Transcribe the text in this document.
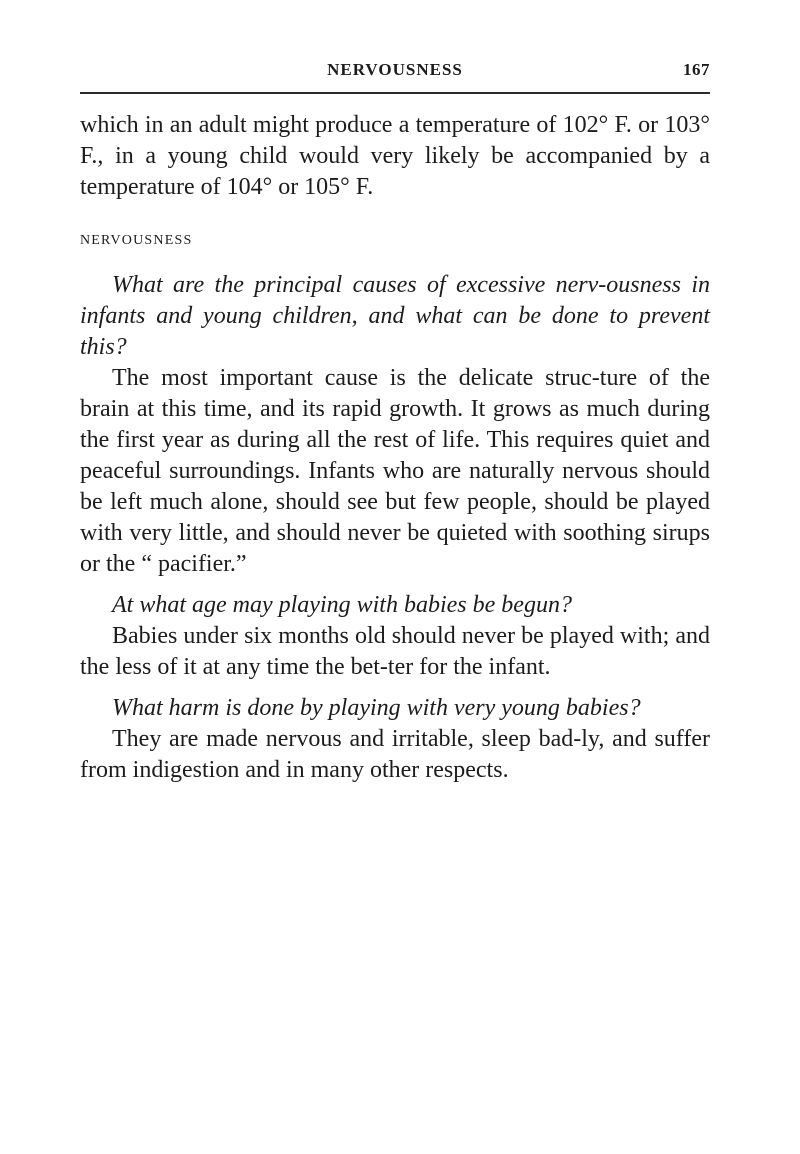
NERVOUSNESS	167

which in an adult might produce a temperature of 102° F. or 103° F., in a young child would very likely be accompanied by a temperature of 104° or 105° F.

NERVOUSNESS

What are the principal causes of excessive nerv-ousness in infants and young children, and what can be done to prevent this?

The most important cause is the delicate struc-ture of the brain at this time, and its rapid growth. It grows as much during the first year as during all the rest of life. This requires quiet and peaceful surroundings. Infants who are naturally nervous should be left much alone, should see but few people, should be played with very little, and should never be quieted with soothing sirups or the “ pacifier.”

At what age may playing with babies be begun?

Babies under six months old should never be played with; and the less of it at any time the bet-ter for the infant.

What harm is done by playing with very young babies?

They are made nervous and irritable, sleep bad-ly, and suffer from indigestion and in many other respects.
